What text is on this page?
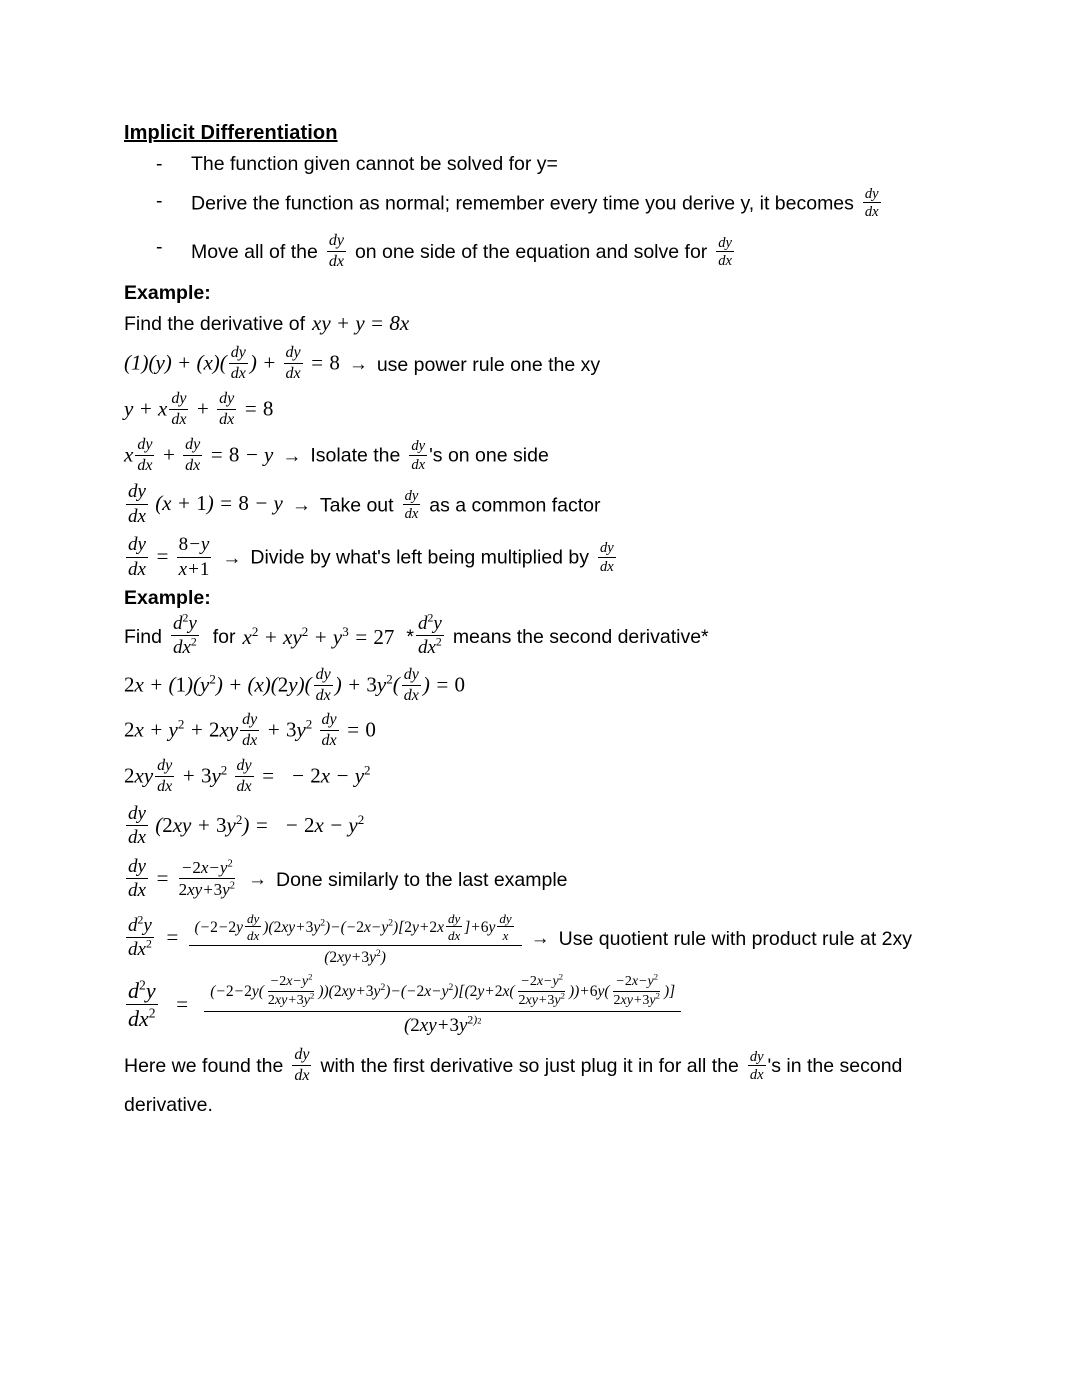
Implicit Differentiation
-	The function given cannot be solved for y=
-	Derive the function as normal; remember every time you derive y, it becomes $\frac{dy}{dx}$
-	Move all of the $\frac{dy}{dx}$ on one side of the equation and solve for $\frac{dy}{dx}$
Example:
Find the derivative of xy + y = 8x
$(1)(y) + (x)( \frac{dy}{dx}$ ) + $\frac{dy}{dx} = 8$ → use power rule one the xy
y + x $\frac{dy}{dx} + \frac{dy}{dx} = 8$
x $\frac{dy}{dx} + \frac{dy}{dx} = 8 - y$ → Isolate the $\frac{dy}{dx}$ 's on one side
$\frac{dy}{dx} (x + 1) = 8 - y$ → Take out $\frac{dy}{dx}$ as a common factor
$\frac{dy}{dx} = \frac{8-y}{x+1}$ → Divide by what's left being multiplied by $\frac{dy}{dx}$
Example:
Find $\frac{d^2y}{dx^2}$ for $x^2 + xy^2 + y^3 = 27 * \frac{d^2y}{dx^2}$ means the second derivative*
$2x + (1)(y^2) + (x)(2y)( \frac{dy}{dx}$ ) + $3y^2( \frac{dy}{dx}$ ) = 0
$2x + y^2 + 2xy \frac{dy}{dx} + 3y^2 \frac{dy}{dx} = 0$
$2xy \frac{dy}{dx} + 3y^2 \frac{dy}{dx}$ =   − $2x - y^2$
$\frac{dy}{dx} (2xy + 3y^2)$ =   − $2x - y^2$
$\frac{dy}{dx} = \frac{-2x-y^2}{2xy+3y^2}$ → Done similarly to the last example
$\frac{d^2y}{dx^2} = \frac{(-2-2y \frac{dy}{dx} )(2xy+3y^2)-(-2x-y^2)[2y+2x \frac{dy}{dx} ]+6y \frac{dy}{x}}{(2xy+3y^2)}$ → Use quotient rule with product rule at 2xy
$\frac{d^2y}{dx^2}$ =
$(-2-2y( \frac{-2x-y^2}{2xy+3y^2} ))(2xy+3y^2)-(-2x-y^2)[(2y+2x( \frac{-2x-y^2}{2xy+3y^2} ))+6y( \frac{-2x-y^2}{2xy+3y^2}$ )]
($2xy+3y^{2)2}$
Here we found the $\frac{dy}{dx}$ with the first derivative so just plug it in for all the $\frac{dy}{dx}$ 's in the second
derivative.
